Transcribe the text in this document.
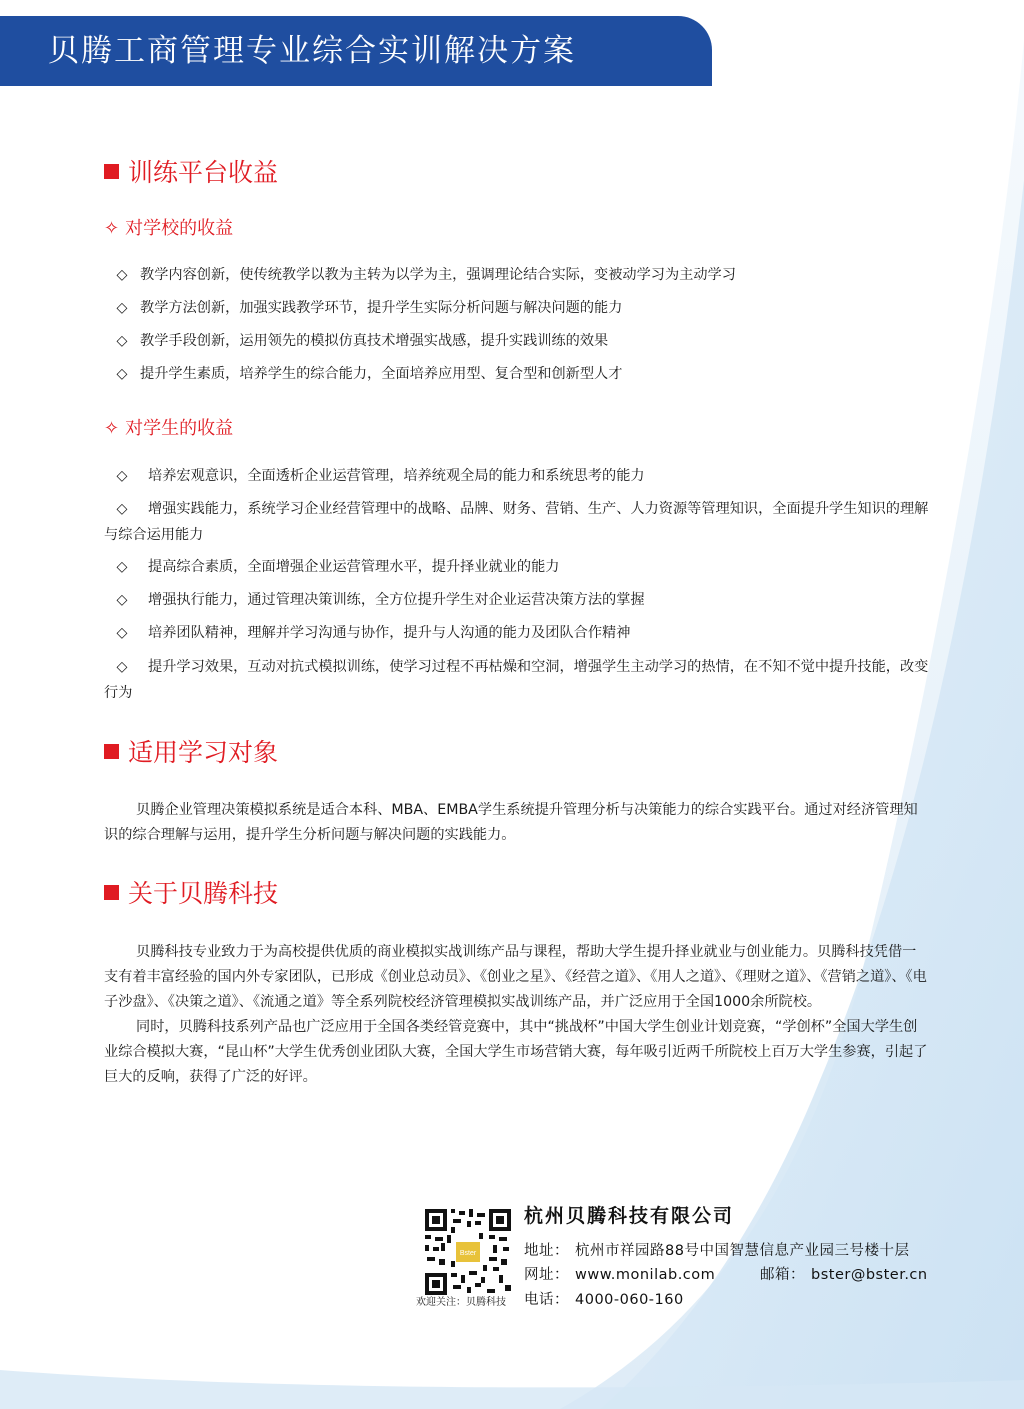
贝腾工商管理专业综合实训解决方案
训练平台收益
✧ 对学校的收益
◇ 教学内容创新，使传统教学以教为主转为以学为主，强调理论结合实际，变被动学习为主动学习
◇ 教学方法创新，加强实践教学环节，提升学生实际分析问题与解决问题的能力
◇ 教学手段创新，运用领先的模拟仿真技术增强实战感，提升实践训练的效果
◇ 提升学生素质，培养学生的综合能力，全面培养应用型、复合型和创新型人才
✧ 对学生的收益
◇ 培养宏观意识，全面透析企业运营管理，培养统观全局的能力和系统思考的能力
◇ 增强实践能力，系统学习企业经营管理中的战略、品牌、财务、营销、生产、人力资源等管理知识，全面提升学生知识的理解与综合运用能力
◇ 提高综合素质，全面增强企业运营管理水平，提升择业就业的能力
◇ 增强执行能力，通过管理决策训练，全方位提升学生对企业运营决策方法的掌握
◇ 培养团队精神，理解并学习沟通与协作，提升与人沟通的能力及团队合作精神
◇ 提升学习效果，互动对抗式模拟训练，使学习过程不再枯燥和空洞，增强学生主动学习的热情，在不知不觉中提升技能，改变行为
适用学习对象

贝腾企业管理决策模拟系统是适合本科、MBA、EMBA学生系统提升管理分析与决策能力的综合实践平台。通过对经济管理知识的综合理解与运用，提升学生分析问题与解决问题的实践能力。

关于贝腾科技

贝腾科技专业致力于为高校提供优质的商业模拟实战训练产品与课程，帮助大学生提升择业就业与创业能力。贝腾科技凭借一支有着丰富经验的国内外专家团队，已形成《创业总动员》、《创业之星》、《经营之道》、《用人之道》、《理财之道》、《营销之道》、《电子沙盘》、《决策之道》、《流通之道》等全系列院校经济管理模拟实战训练产品，并广泛应用于全国1000余所院校。

同时，贝腾科技系列产品也广泛应用于全国各类经管竞赛中，其中“挑战杯”中国大学生创业计划竞赛，“学创杯”全国大学生创业综合模拟大赛，“昆山杯”大学生优秀创业团队大赛，全国大学生市场营销大赛，每年吸引近两千所院校上百万大学生参赛，引起了巨大的反响，获得了广泛的好评。

Bster
欢迎关注：贝腾科技
杭州贝腾科技有限公司
地址： 杭州市祥园路88号中国智慧信息产业园三号楼十层
网址： www.monilab.com	邮箱： bster@bster.cn
电话： 4000-060-160
